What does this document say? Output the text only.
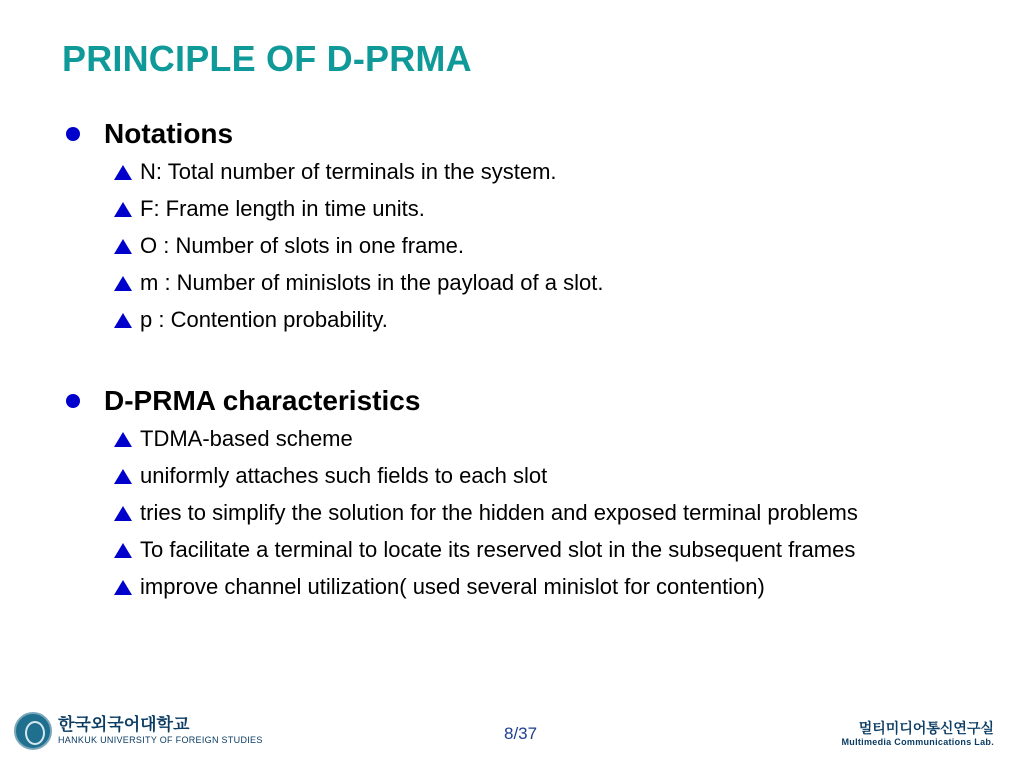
PRINCIPLE OF D-PRMA
Notations
N: Total number of terminals in the system.
F: Frame length in time units.
O : Number of slots in one frame.
m : Number of minislots in the payload of a slot.
p : Contention probability.
D-PRMA characteristics
TDMA-based scheme
uniformly attaches such fields to each slot
tries to simplify the solution for the hidden and exposed terminal problems
To facilitate a terminal to locate its reserved slot in the subsequent frames
improve channel utilization( used several minislot for contention)
한국외국어대학교
HANKUK UNIVERSITY OF FOREIGN STUDIES	8/37	멀티미디어통신연구실
Multimedia Communications Lab.
